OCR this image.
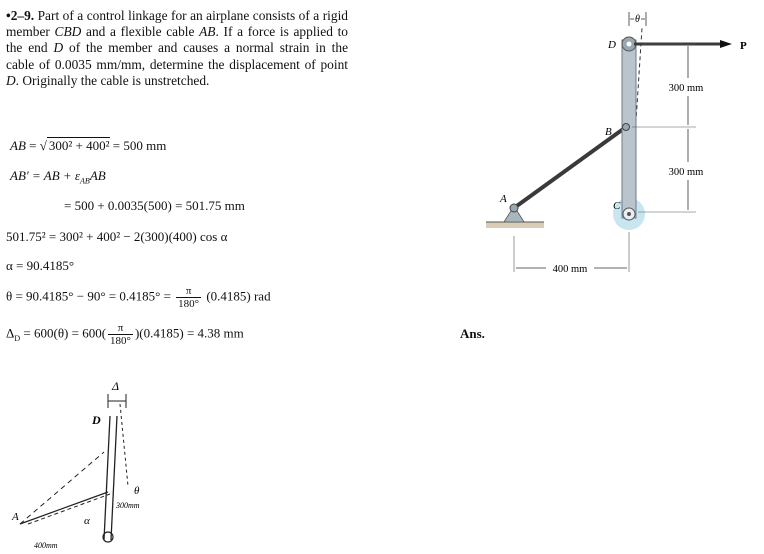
•2–9. Part of a control linkage for an airplane consists of a rigid member CBD and a flexible cable AB. If a force is applied to the end D of the member and causes a normal strain in the cable of 0.0035 mm/mm, determine the displacement of point D. Originally the cable is unstretched.
AB = √ 300² + 400² = 500 mm
AB′ = AB + $\varepsilon_{AB}AB$
= 500 + 0.0035(500) = 501.75 mm
501.75² = 300² + 400² − 2(300)(400) cos α
α = 90.4185°
$\theta = 90.4185^\circ - 90^\circ = 0.4185^\circ = \frac{\pi}{180^\circ} (0.4185)$ rad
$\Delta_D = 600(\theta) = 600( \frac{\pi}{180^\circ} )(0.4185) = 4.38$ mm	Ans.
θ
300 mm
300 mm
400 mm
D
B
C
A
P
Δ
D
θ
α
A
300mm
400mm
